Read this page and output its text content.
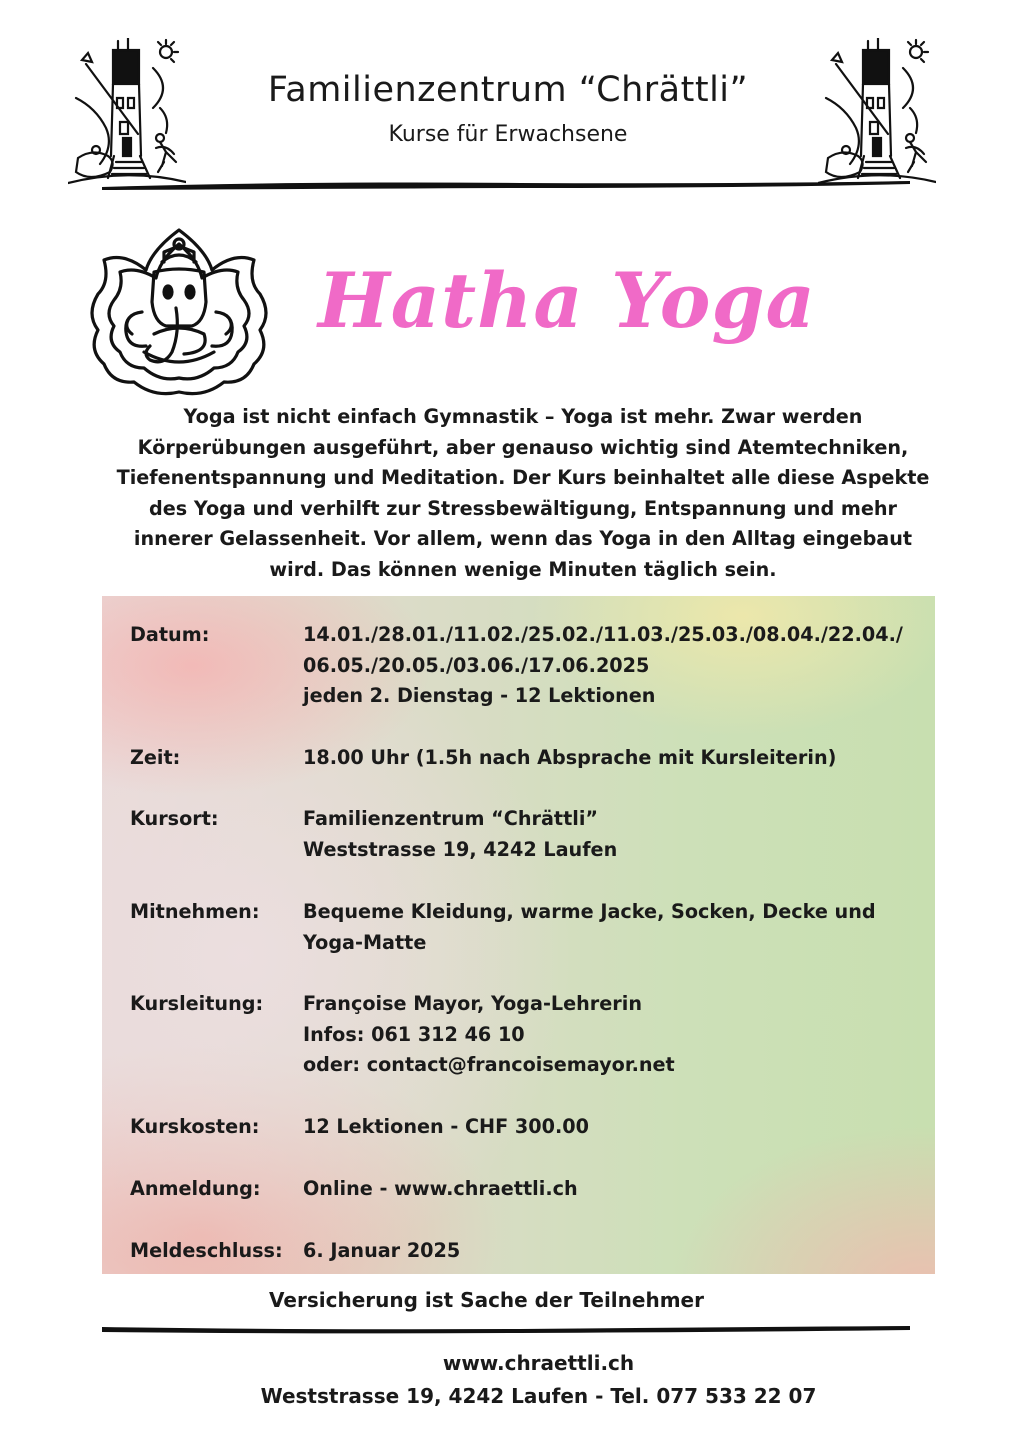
Familienzentrum “Chrättli”
Kurse für Erwachsene
Hatha Yoga
Yoga ist nicht einfach Gymnastik – Yoga ist mehr. Zwar werden Körperübungen ausgeführt, aber genauso wichtig sind Atemtechniken, Tiefenentspannung und Meditation. Der Kurs beinhaltet alle diese Aspekte des Yoga und verhilft zur Stressbewältigung, Entspannung und mehr innerer Gelassenheit. Vor allem, wenn das Yoga in den Alltag eingebaut wird. Das können wenige Minuten täglich sein.
Datum:	14.01./28.01./11.02./25.02./11.03./25.03./08.04./22.04./
06.05./20.05./03.06./17.06.2025
jeden 2. Dienstag - 12 Lektionen
Zeit:	18.00 Uhr (1.5h nach Absprache mit Kursleiterin)
Kursort:	Familienzentrum “Chrättli”
Weststrasse 19, 4242 Laufen
Mitnehmen:	Bequeme Kleidung, warme Jacke, Socken, Decke und
Yoga-Matte
Kursleitung:	Françoise Mayor, Yoga-Lehrerin
Infos: 061 312 46 10
oder: contact@francoisemayor.net
Kurskosten:	12 Lektionen - CHF 300.00
Anmeldung:	Online - www.chraettli.ch
Meldeschluss:	6. Januar 2025
Versicherung ist Sache der Teilnehmer
www.chraettli.ch
Weststrasse 19, 4242 Laufen - Tel. 077 533 22 07
